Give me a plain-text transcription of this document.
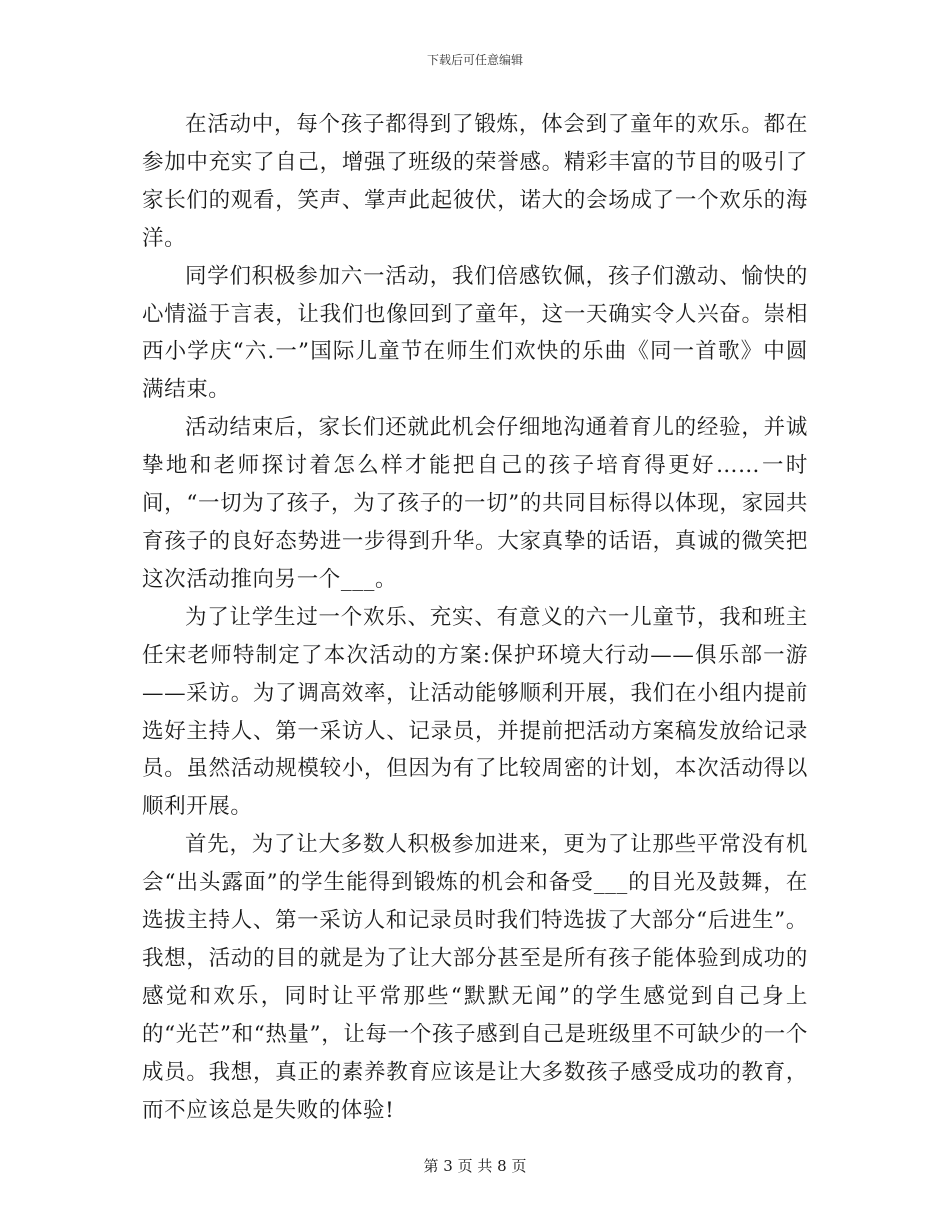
下载后可任意编辑

在活动中，每个孩子都得到了锻炼，体会到了童年的欢乐。都在参加中充实了自己，增强了班级的荣誉感。精彩丰富的节目的吸引了家长们的观看，笑声、掌声此起彼伏，诺大的会场成了一个欢乐的海洋。

同学们积极参加六一活动，我们倍感钦佩，孩子们激动、愉快的心情溢于言表，让我们也像回到了童年，这一天确实令人兴奋。崇相西小学庆“六.一”国际儿童节在师生们欢快的乐曲《同一首歌》中圆满结束。

活动结束后，家长们还就此机会仔细地沟通着育儿的经验，并诚挚地和老师探讨着怎么样才能把自己的孩子培育得更好……一时间，“一切为了孩子，为了孩子的一切”的共同目标得以体现，家园共育孩子的良好态势进一步得到升华。大家真挚的话语，真诚的微笑把这次活动推向另一个___。

为了让学生过一个欢乐、充实、有意义的六一儿童节，我和班主任宋老师特制定了本次活动的方案:保护环境大行动——俱乐部一游——采访。为了调高效率，让活动能够顺利开展，我们在小组内提前选好主持人、第一采访人、记录员，并提前把活动方案稿发放给记录员。虽然活动规模较小，但因为有了比较周密的计划，本次活动得以顺利开展。

首先，为了让大多数人积极参加进来，更为了让那些平常没有机会“出头露面”的学生能得到锻炼的机会和备受___的目光及鼓舞，在选拔主持人、第一采访人和记录员时我们特选拔了大部分“后进生”。我想，活动的目的就是为了让大部分甚至是所有孩子能体验到成功的感觉和欢乐，同时让平常那些“默默无闻”的学生感觉到自己身上的“光芒”和“热量”，让每一个孩子感到自己是班级里不可缺少的一个成员。我想，真正的素养教育应该是让大多数孩子感受成功的教育，而不应该总是失败的体验!

第 3 页 共 8 页
